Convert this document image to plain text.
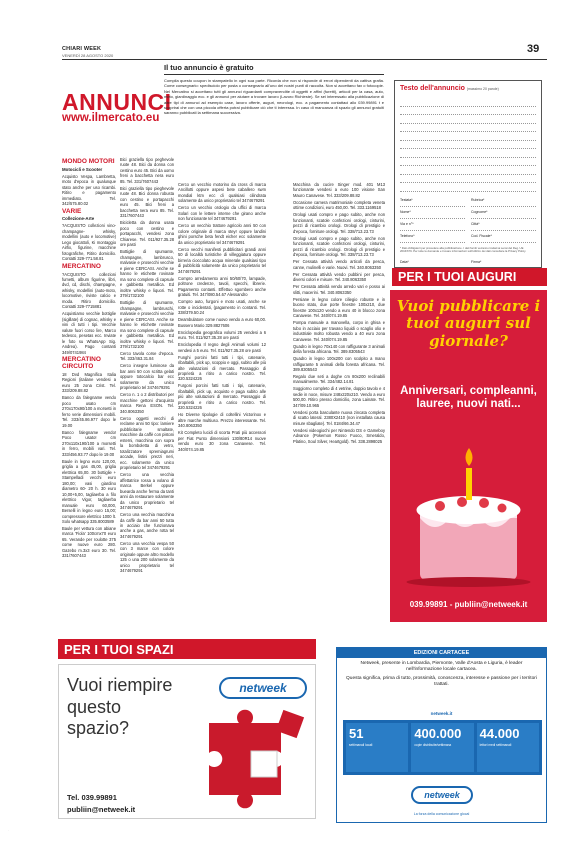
CHIARI WEEK
VENERDÌ 28 AGOSTO 2020
39
ANNUNCI
www.ilmercato.eu
Il tuo annuncio è gratuito

Compila questo coupon in stampatello in ogni sua parte. Ricorda che non si risponde di errori dipendenti da cattiva grafia. Come consegnarlo: spedisciolo per posta o consegnarlo all'uno dei nostri punti di raccolta. Non si accettano fax o fotocopie. Nel Mercatino si accettano tutti gli annunci riguardanti compravendite di oggetti e affini (furetti), articoli per la casa, auto, moto, giardinaggio ecc. e gli annunci per aiutare a trovare lavoro (Lavoro Richieste). Se sei interessato alla pubblicazione di altre tipi di annunci ad esempio case, lavoro offerte, auguri, necrologi, ecc. a pagamento contattaci allo 039.99891 t e scoprirai che con una piccola offerta potrai pubblicare ciò che ti interessa. In caso di mancanza di spazio gli annunci gratuiti saranno pubblicati la settimana successiva.

Testo dell'annuncio (massimo 20 parole)
Testata*	Rubrica*
Nome*	Cognome*
Via e n°*	Città*
Telefono*	Cod. Fiscale*
* Dati obbligatori per procedere alla pubblicazione. I dati forniti verranno trattati ai sensi del Reg. UE 2016/679. Per tutte le domande e trovare informazioni sull'utilizzo dei dati consultare la Privacy Policy.
Data*	Firma*
MONDO MOTORI
Motocicli e Scooter

Acquisto Vespa, Lambretta, moto d'epoca in qualunque stato anche per uso ricambi. Ritiro e pagamento immediato. Tel. 342/575.80.02

VARIE
Collezione-Arte

?ACQUISTO collezioni vino-champagne- whisky, modellini (auto e locomotive) Lego giocattoli, Ki montaggio Airfix, figurine, macchine fotografiche, Ritiro domicilio. Contatti 329-771.58.81

MERCATINO

?ACQUISTO collezioni fumetti, album figurine, libri, dvd, cd, dischi, champagne, whisky, modellini (auto-moto, locomotive, riviste calcio e moda. Ritiro domicilio. Contatti 329-7715881

Acquistiamo vecchie bottiglie (sigillate) di cognac, whisky e vini di tutti i tipi. Vecchie valute fuori corso lire, Marco tedesco, pesetas ecc. Inviate le foto su WhatsApp Sig. Andrea). Pago contanti 349/0741984

MERCATINO CIRCUITO

18 Dvd Magnifica Italia Regioni (italiane vendesi a euro 25 zona Crist. Tel. 333/209.88.82

Banco da falegname vendo poco usato cm 270x170x90/100 a morsetti in ferro verie dimensioni mobili. Tel. 333/45.86.977 dopo le 19.00

Banco falegname vendo! Poco usato! cm 270x110x190/100 a morsetti in ferro, mobili vari. Tel. 333/456.93.77 dopo le 19.00

Baule in legno euro 120,00, griglia a gas 45,00, griglia elettrica 65,00. 30 bottiglie + Stampelladi vecchi euro 180,00; vasi giardino diametro 60- 20 h. 30 euro 10,00+5,00, tagliaerba a filo elettrico Vigor, tagliaerba manuale euro 60,000, Berselli in legno euro 15,00; compressore elettrico 1000 lt. Solo whatsapp 335.8003589

Baule per vettura con abiane marca 'Fiola' 100cmx70 euro 65. Verande per roulotte 375 come nuove euro 280. Gazebo m.3x3 euro 30. Tel. 331/7607443

Bici graziella tipo peghevole ruote 48. Bici da donna con cestino euro 45. Bici da uomo freni a bacchetta nera euro 85. Tel. 331/7607443

Bici graziella tipo pieghevole ruote 48. Bici donna robusta con cestino e portapacchi euro 45. Bici freni a bacchetta nera euro 85. Tel. 331/7607443

Bicicletta da donna usata poco con cestino e portapacchi, vendesi zona Chiarese. Tel. 011/927.35.28 ore pasti

Bottiglie di spumante, champagne, lambrusco, malvasie e prosecchi vecchie e piene CERCASI. Anche se hanno le etichette rovinate ma sono complete di capsule e gabbietta metallica. Ed inoltre whisky e liquori. Tel. 379/1732100

Bottiglie di spumante, champagne, lambruschi, malvasie e prosecchi vecchie e piene CERCASI. Anche se hanno le etichette rovinate ma sono complete di capsule e gabbietta metallica. Ed inoltre whisky e liquori. Tel. 379/1732100

Cerco tavola corse d'epoca. Tel. 333/463.31.84

Cerco insegne luminose da bar anni 50 con scritta gelati oppure totocalcio bar ecc solamente da unico proprietario tel 3474679291

Cerco n. 1 o 2 distributori per macchine gettoni d'acquisto marca Rena ESON. Tel. 340.8063350

Cerco oggetti vecchi di reclame anni 50 tipo: lamiere pubblicitarie smaltate, macchine da caffè con pistoni esterni, macchina con sopra la bomboletta di vetro, totalizzatore spremiagrumi accade, listini prezzi neri, ecc. solamente da unico proprietario tel 3474679291

Cerco una vecchia affettatrice rossa a volano di marca Berkel oppure buearda anche ferma da tanti anni da restaurare solamente da unico proprietario tel 3474679291

Cerco una vecchia macchina da caffè da bar anni 50 tutta in acciaio che funzionava anche a gas, anche rotta tel 3474679291

Cerco una vecchia vespa 50 con 3 marce con colore originale oppure altro modello 125 o una 200 solamente da unico proprietario tel 3474679291

Cerco un vecchio motorino da cross di marca Ancillotti oppure aspesi bete caballero swm mondial ktm ecc di qualsiasi cilindrata solamente da unico proprietario tel 3474679291

Cerco un vecchio orologio da uffici di marca Solari con le lettere interne che girano anche non funzionante tel 3474679291

Cerco un vecchio trattore agricolo anni 50 con colore originale di marca steyr oppure landini ghini porsche beta fendt eicher ecc solamente da unico proprietario tel 3474679291

Cerco vecchi manifesti pubblicitari grandi anni 50 di località turistiche di villeggiatura oppure birreria cioccolato acqua minerale qualsiasi tipo di pubblicità solamente da unico proprietario tel 3474679291

Compro arredamento anni 50/60/70, lampade, poltrone credenze, tavoli, specchi, librerie. Pagamento contanti. Effettuo sgombero anche gratuiti. Tel. 347/080.54.67 Alessandro

Compro auto, furgoni e moto usati, anche se rotte o incidentati, (pagamento in contanti. Tel. 338/379.50.24

Deambulatore come nuovo vendo a euro 60,00. Bussero Mario 329.8827606

Enciclopedia geografica volumi 25 vendesi a 6 euro. Tel. 011/927.35.28 ore pasti

Enciclopedia Il regno degli Animali volumi 12 vendesi a 5 euro. Tel. 011/927.35.28 ore pasti

Funghi porcini fatti tutti i tipi, catenarie, ribaltabili, pick up, scoppio e oggi, subito alle più alte valutazioni di mercato. Passaggio di proprietà a ritiro a carico nostro. Tel. 320.5324226

Furgoni porcini fatti tutti i tipi, catenarie, ribaltabili, pick up, acquisto e paga subito alle più alte valutazioni di mercato. Passaggio di proprietà e ritiro a carico nostro. Tel. 320.5324226

Ho Diverse tipologie di coltellini Victorinox e altre marche multiuso. Prezzo interessante. Tel. 340.8063350

Kit Completo lucidi di scorta Prati più accessori per Fiat Punto dimensioni 130/80R14 nuove vendo euro 30 zona Canavese. Tel. 340/074.19.85

Macchina da cucire Singer mod. 401 M13 funzionante vendesi a euro 100 visione San Mauro Canavese. Tel. 333/209.88.82

Occasione camera matrimoniale completa veneta ottime condizioni, euro 450,00. Tel. 333.1169518

Orologi usati compro e pago subito, anche non funzionanti, scatole confezioni orologi, cinturini, pezzi di ricambio orologi. Orologi di prestigio e d'epoca, forniture orologi. Tel. 338/713.23.73

Orologi usati compro e pago subito, anche non funzionanti, scatole confezioni orologi, cinturini, pezzi di ricambio orologi. Orologi di prestigio e d'epoca, forniture orologi. Tel. 338/713.23.73

Per Cessata attività vendo articoli da pesca, canne, mulinelli e varie. Nuovi. Tel. 340.8063350

Per Cessata attività vendo pubbini per pesca, diversi colori e misure. Tel. 340.8063350

Per Cessata attività vendo arredo vari e posso ai slitti, macerini. Tel. 340.8063350

Persiane in legno colore ciliegio robuste e in buono stato, due porte finestre 100x210, due finestre 100x120 vendo a euro 40 in blocco zona Canavese. Tel. 340/074.19.85

Pompa manuale a manovella, corpo in ghisa e tubo in acciaio per travaso liquidi o scaglio olio e industriale molto robusta vendo a 40 euro zona Canavese. Tel. 340/074.19.85

Quadro in legno 70x140 con raffigurante 3 animali della foresta africana. Tel. 389.8305543

Quadro in legno 100x200 con scolpito a mano raffigurante 5 animali della foresta africana. Tel. 389.8305543

Regalo due seti a doghe cm 80x200 reclinabili manualmente. Tel. 334/482.14.81

Soggiorno completo di 4 vetrine, doppio tavolo e 4 sedie in noce, misure 248x220x210. Vendo a euro 500,00. Ritiro presso domicilio, zona Lainate. Tel. 347/09.10.965

Vendesi porta basculante nuova zincata completa di scatto lateral. 2380X2410 (non installata causa misure sbagliate). Tel. 0184/66.34.47

Vendesi videogiochi per Nintendo DS e Gameboy Advance (Pokemon Rosso Fuoco, Smeraldo, Platino, Soul Silver, Heartgold). Tel. 338.2898025

PER I TUOI AUGURI
Vuoi pubblicare i tuoi auguri sul giornale?
Anniversari, compleanni, lauree, nuovi nati...
039.99891 - publiin@netweek.it
PER I TUOI SPAZI
Vuoi riempire questo spazio?
netweek
Tel. 039.99891
publiin@netweek.it
EDIZIONI CARTACEE

Netweek, presente in Lombardia, Piemonte, Valle d'Aosta e Liguria, è leader nell'informazione locale cartacea.

Questa significa, prima di tutto, prossimità, conoscenza, interesse e passione per i territori trattati.

netweek.it
51
settimanali locali
400.000
copie distribuite/settimana
44.000
lettori medi settimanali
netweek
La forza della comunicazione glocal
·
